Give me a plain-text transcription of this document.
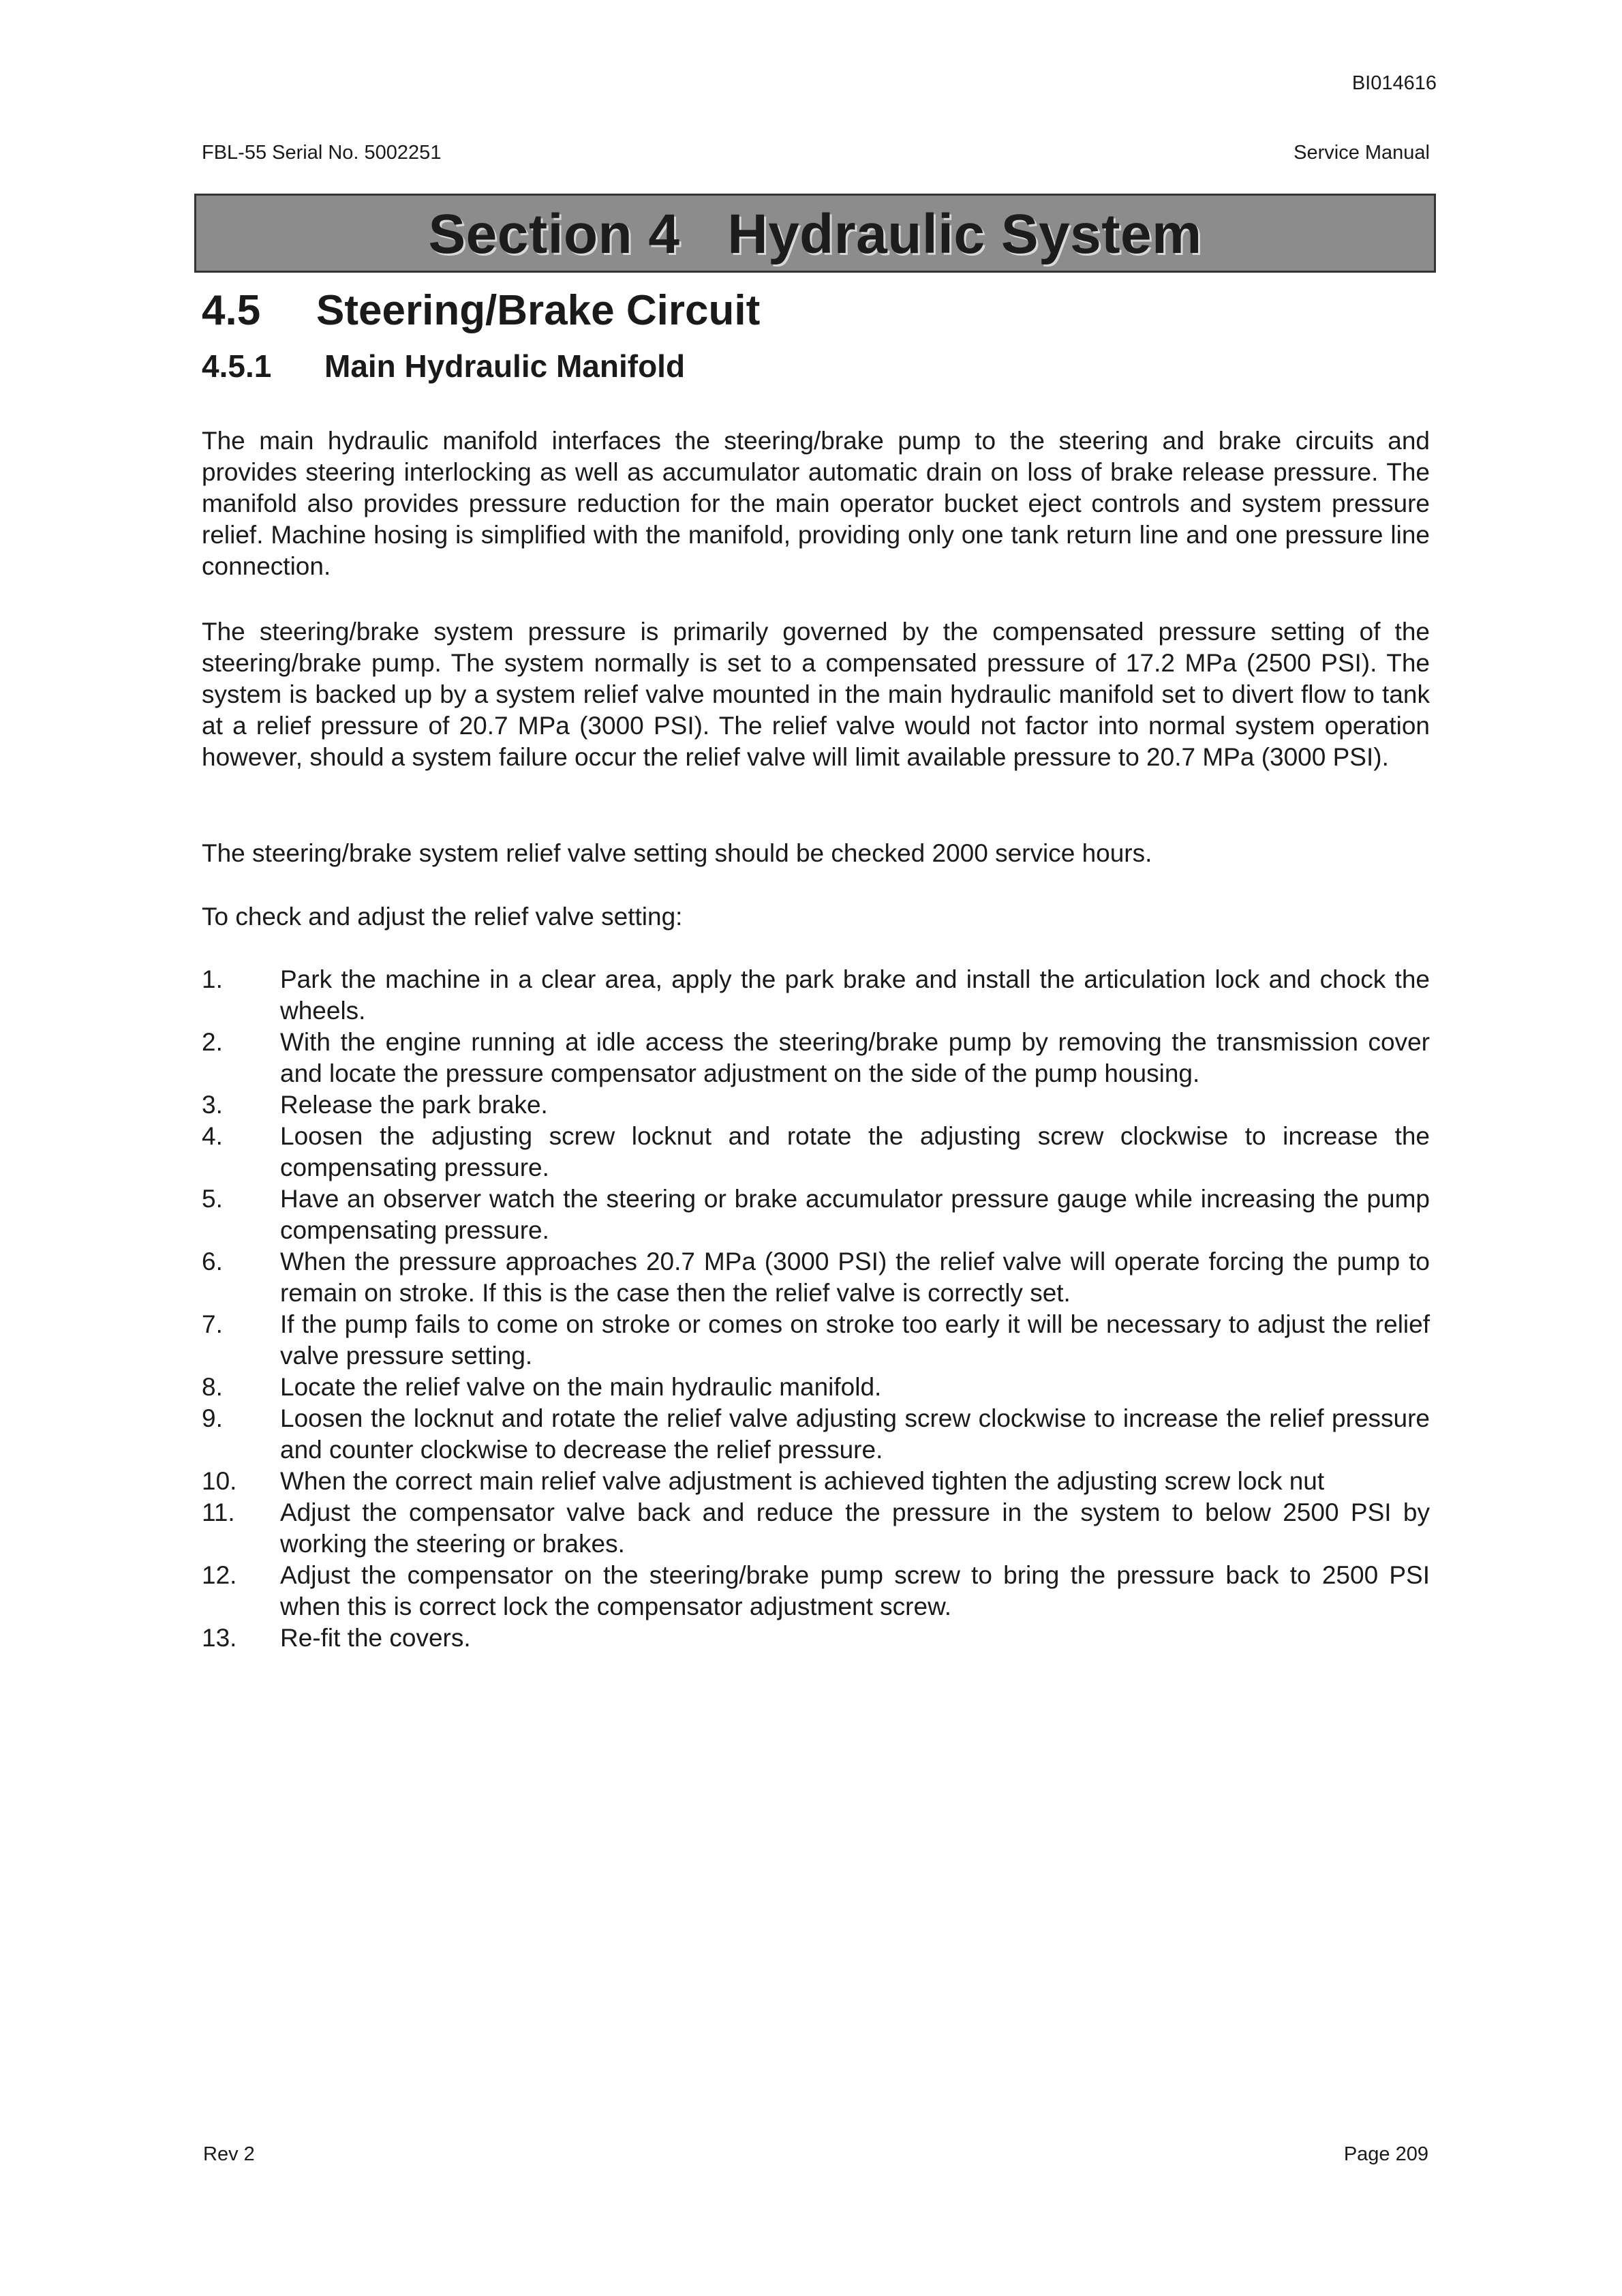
BI014616
FBL-55 Serial No. 5002251	Service Manual
Section 4   Hydraulic System
4.5 Steering/Brake Circuit
4.5.1 Main Hydraulic Manifold

The main hydraulic manifold interfaces the steering/brake pump to the steering and brake circuits and provides steering interlocking as well as accumulator automatic drain on loss of brake release pressure. The manifold also provides pressure reduction for the main operator bucket eject controls and system pressure relief. Machine hosing is simplified with the manifold, providing only one tank return line and one pressure line connection.

The steering/brake system pressure is primarily governed by the compensated pressure setting of the steering/brake pump. The system normally is set to a compensated pressure of 17.2 MPa (2500 PSI). The system is backed up by a system relief valve mounted in the main hydraulic manifold set to divert flow to tank at a relief pressure of 20.7 MPa (3000 PSI). The relief valve would not factor into normal system operation however, should a system failure occur the relief valve will limit available pressure to 20.7 MPa (3000 PSI).

The steering/brake system relief valve setting should be checked 2000 service hours.

To check and adjust the relief valve setting:

1.	Park the machine in a clear area, apply the park brake and install the articulation lock and chock the wheels.
2.	With the engine running at idle access the steering/brake pump by removing the transmission cover and locate the pressure compensator adjustment on the side of the pump housing.
3.	Release the park brake.
4.	Loosen the adjusting screw locknut and rotate the adjusting screw clockwise to increase the compensating pressure.
5.	Have an observer watch the steering or brake accumulator pressure gauge while increasing the pump compensating pressure.
6.	When the pressure approaches 20.7 MPa (3000 PSI) the relief valve will operate forcing the pump to remain on stroke. If this is the case then the relief valve is correctly set.
7.	If the pump fails to come on stroke or comes on stroke too early it will be necessary to adjust the relief valve pressure setting.
8.	Locate the relief valve on the main hydraulic manifold.
9.	Loosen the locknut and rotate the relief valve adjusting screw clockwise to increase the relief pressure and counter clockwise to decrease the relief pressure.
10.	When the correct main relief valve adjustment is achieved tighten the adjusting screw lock nut
11.	Adjust the compensator valve back and reduce the pressure in the system to below 2500 PSI by working the steering or brakes.
12.	Adjust the compensator on the steering/brake pump screw to bring the pressure back to 2500 PSI when this is correct lock the compensator adjustment screw.
13.	Re-fit the covers.
Rev 2	Page 209
